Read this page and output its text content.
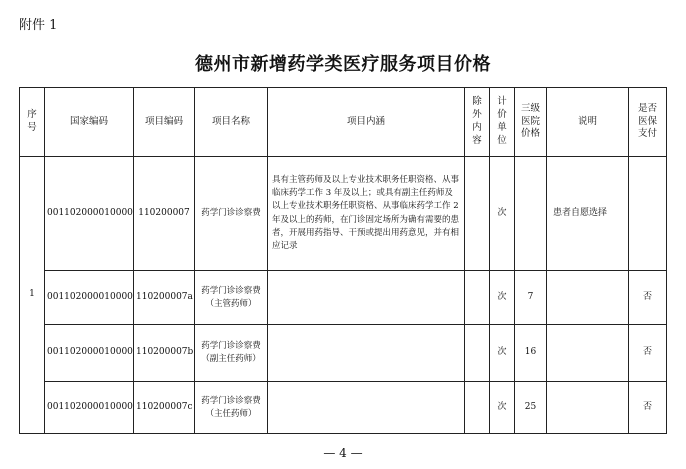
附件 1
德州市新增药学类医疗服务项目价格
序号	国家编码	项目编码	项目名称	项目内涵	除外内容	计价单位	三级医院价格	说明	是否医保支付
1	001102000010000	110200007	药学门诊诊察费	具有主管药师及以上专业技术职务任职资格、从事临床药学工作 3 年及以上；或具有副主任药师及以上专业技术职务任职资格、从事临床药学工作 2 年及以上的药师，在门诊固定场所为确有需要的患者，开展用药指导、干预或提出用药意见，并有相应记录		次		患者自愿选择	
	001102000010000	110200007a	药学门诊诊察费
（主管药师）			次	7		否
	001102000010000	110200007b	药学门诊诊察费
（副主任药师）			次	16		否
	001102000010000	110200007c	药学门诊诊察费
（主任药师）			次	25		否
— 4 —
